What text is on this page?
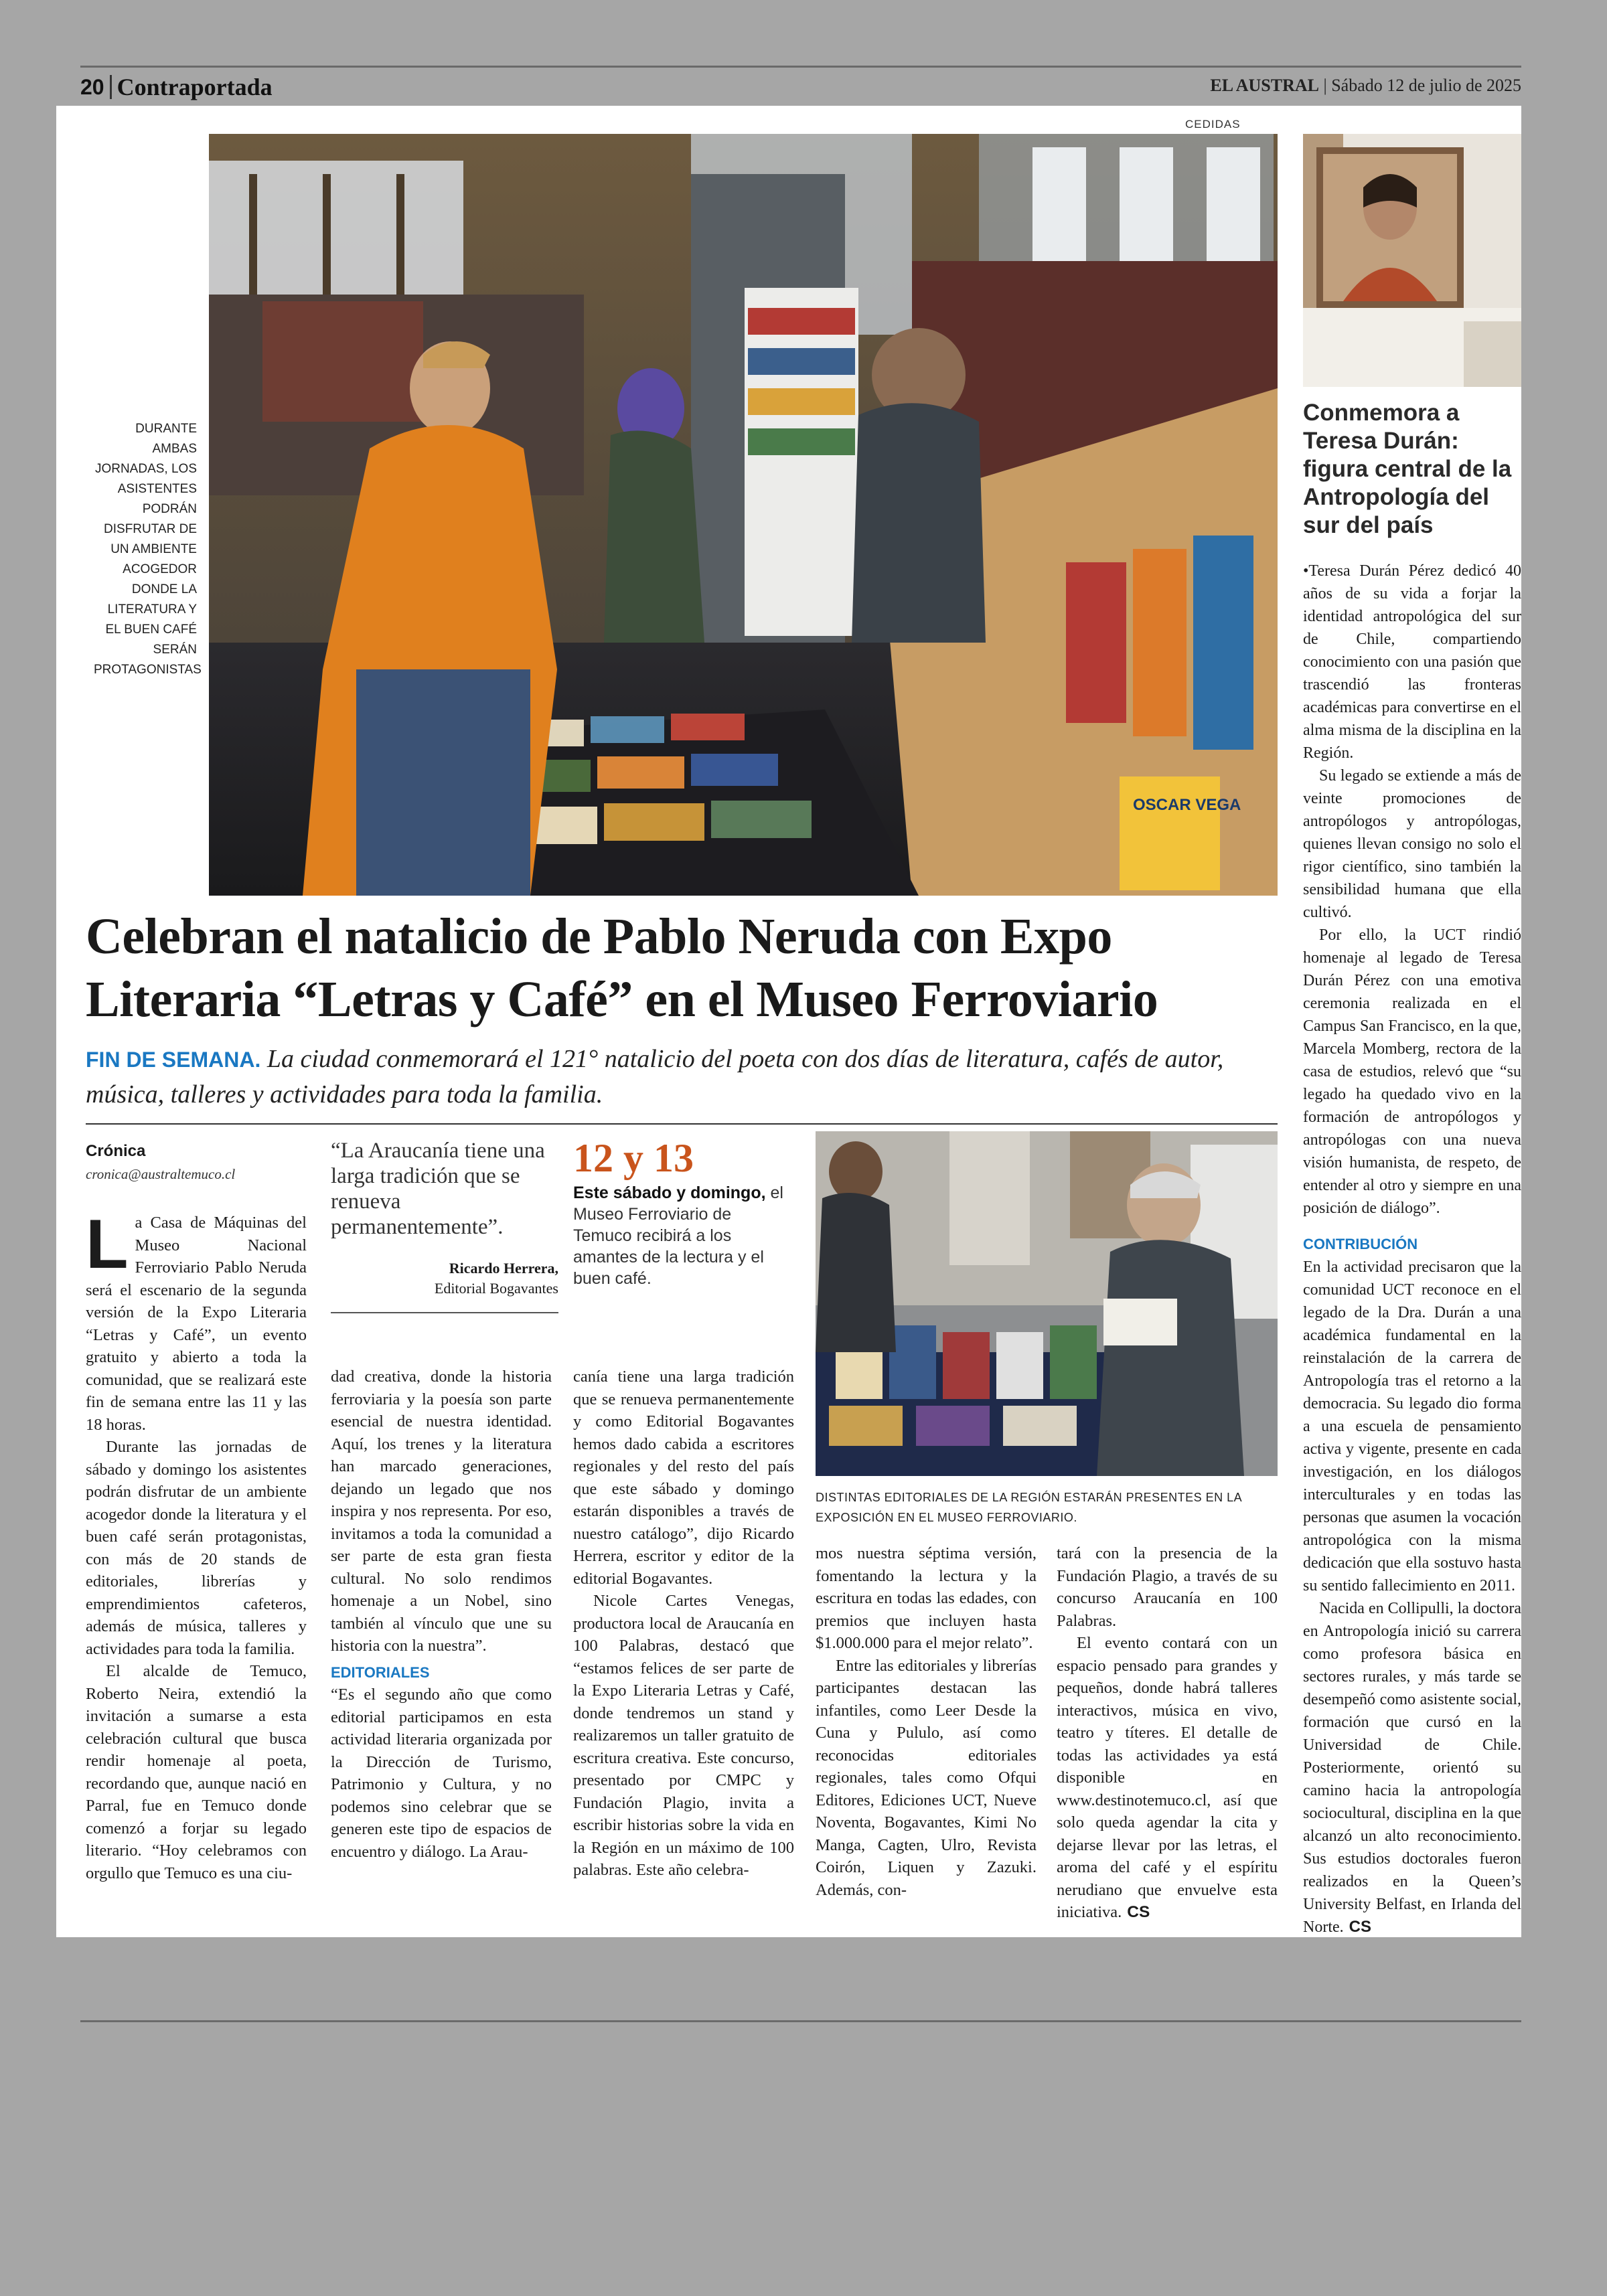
20 Contraportada	EL AUSTRAL | Sábado 12 de julio de 2025
CEDIDAS
OSCAR VEGA
DURANTE AMBAS JORNADAS, LOS ASISTENTES PODRÁN DISFRUTAR DE UN AMBIENTE ACOGEDOR DONDE LA LITERATURA Y EL BUEN CAFÉ SERÁN PROTAGONISTAS
Celebran el natalicio de Pablo Neruda con Expo Literaria “Letras y Café” en el Museo Ferroviario
FIN DE SEMANA. La ciudad conmemorará el 121° natalicio del poeta con dos días de literatura, cafés de autor, música, talleres y actividades para toda la familia.
Crónica
cronica@australtemuco.cl
“La Araucanía tiene una larga tradición que se renueva permanentemente”.
Ricardo Herrera,
Editorial Bogavantes
12 y 13
Este sábado y domingo, el Museo Ferroviario de Temuco recibirá a los amantes de la lectura y el buen café.
DISTINTAS EDITORIALES DE LA REGIÓN ESTARÁN PRESENTES EN LA EXPOSICIÓN EN EL MUSEO FERROVIARIO.

La Casa de Máquinas del Museo Nacional Ferroviario Pablo Neruda será el escenario de la segunda versión de la Expo Literaria “Letras y Café”, un evento gratuito y abierto a toda la comunidad, que se realizará este fin de semana entre las 11 y las 18 horas.

Durante las jornadas de sábado y domingo los asistentes podrán disfrutar de un ambiente acogedor donde la literatura y el buen café serán protagonistas, con más de 20 stands de editoriales, librerías y emprendimientos cafeteros, además de música, talleres y actividades para toda la familia.

El alcalde de Temuco, Roberto Neira, extendió la invitación a sumarse a esta celebración cultural que busca rendir homenaje al poeta, recordando que, aunque nació en Parral, fue en Temuco donde comenzó a forjar su legado literario. “Hoy celebramos con orgullo que Temuco es una ciu-

dad creativa, donde la historia ferroviaria y la poesía son parte esencial de nuestra identidad. Aquí, los trenes y la literatura han marcado generaciones, dejando un legado que nos inspira y nos representa. Por eso, invitamos a toda la comunidad a ser parte de esta gran fiesta cultural. No solo rendimos homenaje a un Nobel, sino también al vínculo que une su historia con la nuestra”.

EDITORIALES

“Es el segundo año que como editorial participamos en esta actividad literaria organizada por la Dirección de Turismo, Patrimonio y Cultura, y no podemos sino celebrar que se generen este tipo de espacios de encuentro y diálogo. La Arau-

canía tiene una larga tradición que se renueva permanentemente y como Editorial Bogavantes hemos dado cabida a escritores regionales y del resto del país que este sábado y domingo estarán disponibles a través de nuestro catálogo”, dijo Ricardo Herrera, escritor y editor de la editorial Bogavantes.

Nicole Cartes Venegas, productora local de Araucanía en 100 Palabras, destacó que “estamos felices de ser parte de la Expo Literaria Letras y Café, donde tendremos un stand y realizaremos un taller gratuito de escritura creativa. Este concurso, presentado por CMPC y Fundación Plagio, invita a escribir historias sobre la vida en la Región en un máximo de 100 palabras. Este año celebra-

mos nuestra séptima versión, fomentando la lectura y la escritura en todas las edades, con premios que incluyen hasta $1.000.000 para el mejor relato”.

Entre las editoriales y librerías participantes destacan las infantiles, como Leer Desde la Cuna y Pululo, así como reconocidas editoriales regionales, tales como Ofqui Editores, Ediciones UCT, Nueve Noventa, Bogavantes, Kimi No Manga, Cagten, Ulro, Revista Coirón, Liquen y Zazuki. Además, con-

tará con la presencia de la Fundación Plagio, a través de su concurso Araucanía en 100 Palabras.

El evento contará con un espacio pensado para grandes y pequeños, donde habrá talleres interactivos, música en vivo, teatro y títeres. El detalle de todas las actividades ya está disponible en www.destinotemuco.cl, así que solo queda agendar la cita y dejarse llevar por las letras, el aroma del café y el espíritu nerudiano que envuelve esta iniciativa. CS

Conmemora a Teresa Durán: figura central de la Antropología del sur del país

•Teresa Durán Pérez dedicó 40 años de su vida a forjar la identidad antropológica del sur de Chile, compartiendo conocimiento con una pasión que trascendió las fronteras académicas para convertirse en el alma misma de la disciplina en la Región.

Su legado se extiende a más de veinte promociones de antropólogos y antropólogas, quienes llevan consigo no solo el rigor científico, sino también la sensibilidad humana que ella cultivó.

Por ello, la UCT rindió homenaje al legado de Teresa Durán Pérez con una emotiva ceremonia realizada en el Campus San Francisco, en la que, Marcela Momberg, rectora de la casa de estudios, relevó que “su legado ha quedado vivo en la formación de antropólogos y antropólogas con una nueva visión humanista, de respeto, de entender al otro y siempre en una posición de diálogo”.

CONTRIBUCIÓN

En la actividad precisaron que la comunidad UCT reconoce en el legado de la Dra. Durán a una académica fundamental en la reinstalación de la carrera de Antropología tras el retorno a la democracia. Su legado dio forma a una escuela de pensamiento activa y vigente, presente en cada investigación, en los diálogos interculturales y en todas las personas que asumen la vocación antropológica con la misma dedicación que ella sostuvo hasta su sentido fallecimiento en 2011.

Nacida en Collipulli, la doctora en Antropología inició su carrera como profesora básica en sectores rurales, y más tarde se desempeñó como asistente social, formación que cursó en la Universidad de Chile. Posteriormente, orientó su camino hacia la antropología sociocultural, disciplina en la que alcanzó un alto reconocimiento. Sus estudios doctorales fueron realizados en la Queen’s University Belfast, en Irlanda del Norte. CS
